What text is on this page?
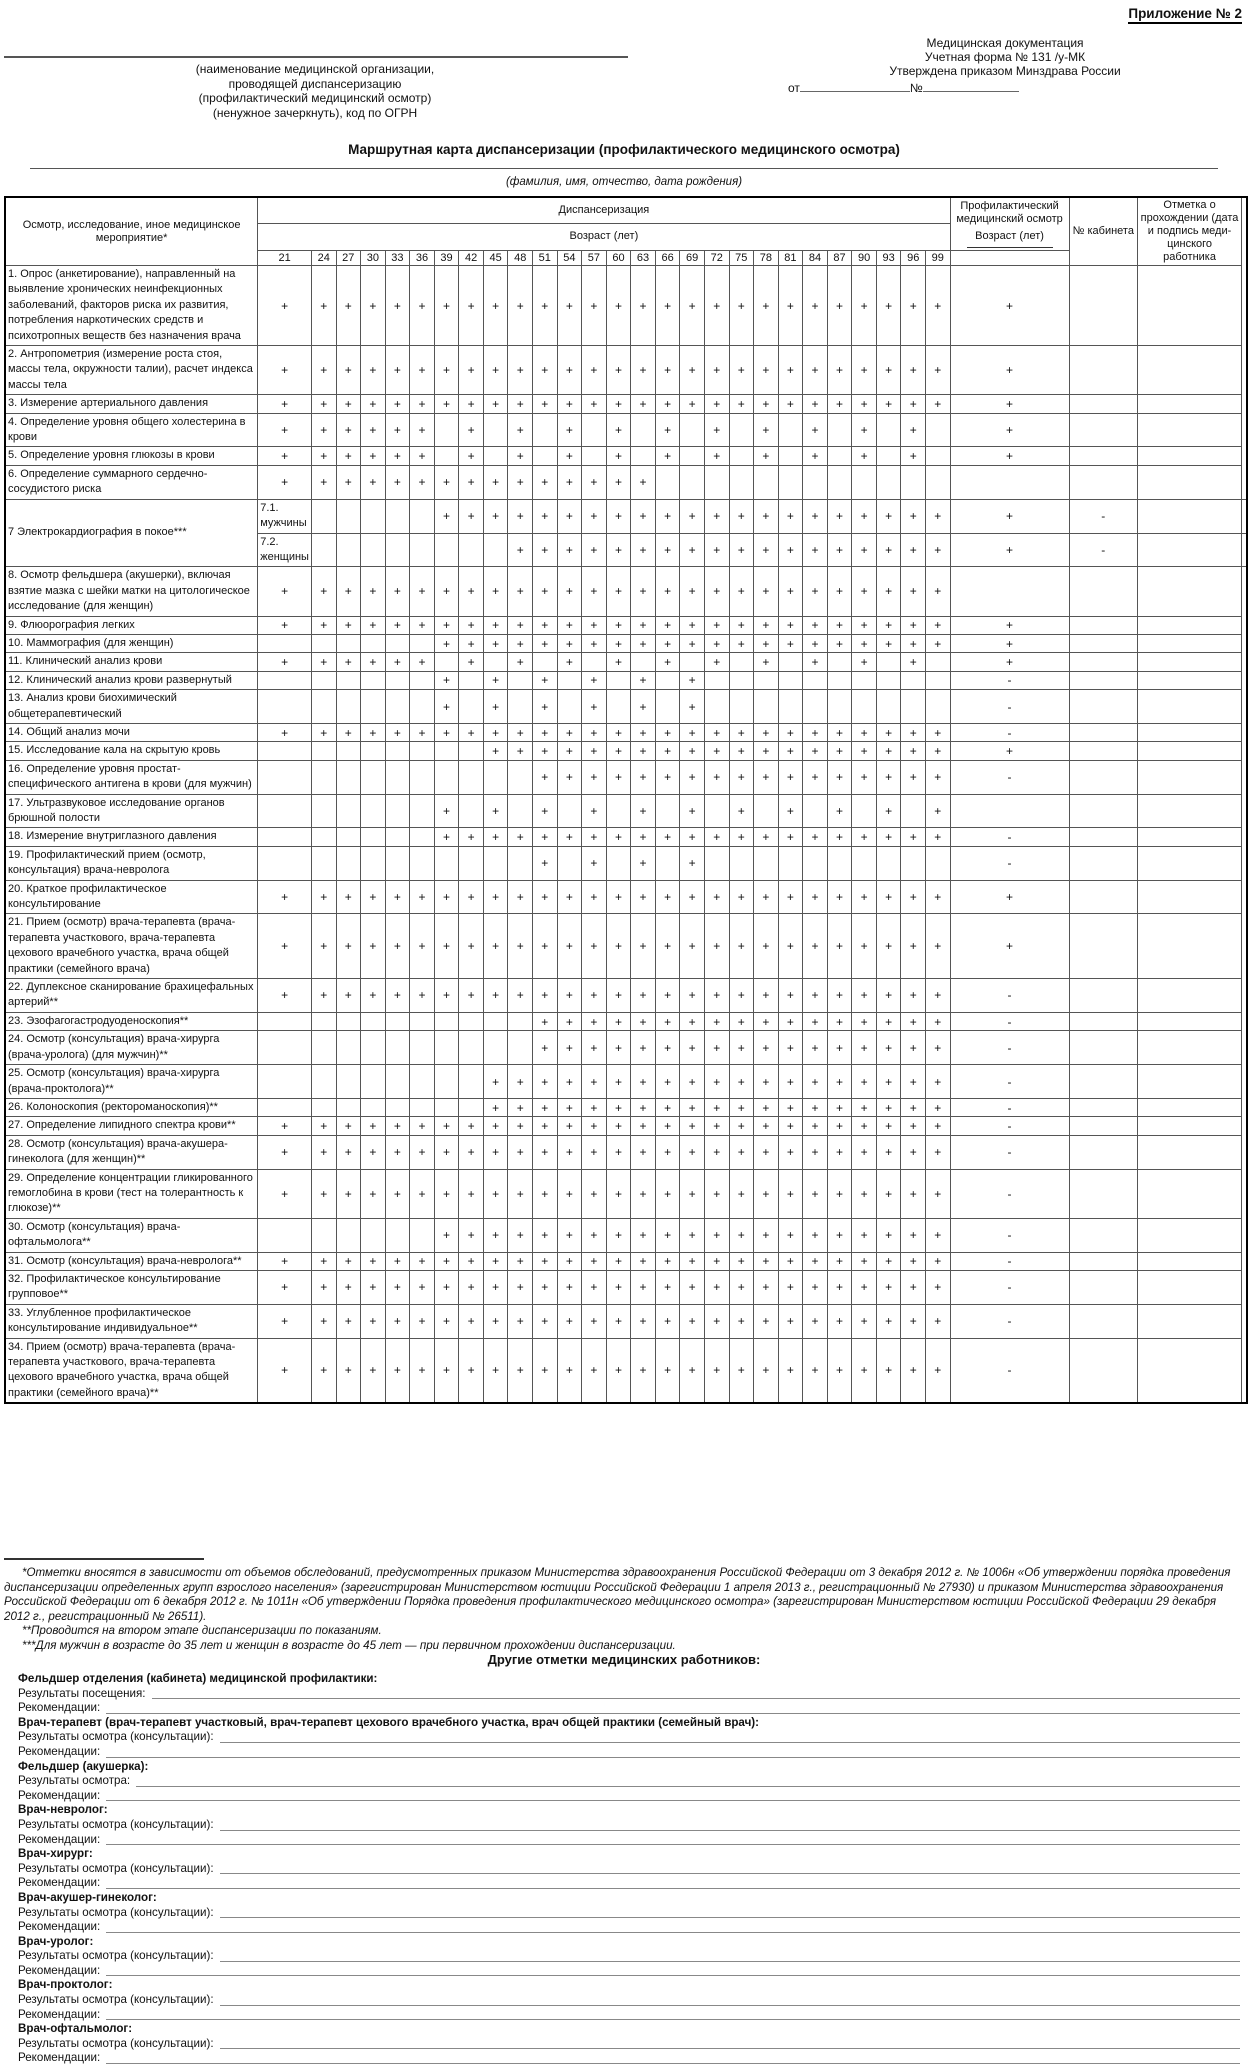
Приложение № 2
(наименование медицинской организации,
проводящей диспансеризацию
(профилактический медицинский осмотр)
(ненужное зачеркнуть), код по ОГРН
Медицинская документация
Учетная форма № 131 /у-МК
Утверждена приказом Минздрава России
от	№
Маршрутная карта диспансеризации (профилактического медицинского осмотра)
(фамилия, имя, отчество, дата рождения)
Осмотр, исследование, иное медицинское мероприятие*	Диспансеризация																											Профилактический медицинский осмотр
Возраст (лет)	№ кабинета	Отметка о прохождении (дата и подпись медицинского работника	
	Возраст (лет)																														
	21	24	27	30	33	36	39	42	45	48	51	54	57	60	63	66	69	72	75	78	81	84	87	90	93	96	99				
1. Опрос (анкетирование), направленный на выявление хронических неинфекционных заболеваний, факторов риска их развития, потребления наркотических средств и психотропных веществ без назначения врача	+	+	+	+	+	+	+	+	+	+	+	+	+	+	+	+	+	+	+	+	+	+	+	+	+	+	+	+			
2. Антропометрия (измерение роста стоя, массы тела, окружности талии), расчет индекса массы тела	+	+	+	+	+	+	+	+	+	+	+	+	+	+	+	+	+	+	+	+	+	+	+	+	+	+	+	+			
3. Измерение артериального давления	+	+	+	+	+	+	+	+	+	+	+	+	+	+	+	+	+	+	+	+	+	+	+	+	+	+	+	+			
4. Определение уровня общего холестерина в крови	+	+	+	+	+	+		+		+		+		+		+		+		+		+		+		+		+			
5. Определение уровня глюкозы в крови	+	+	+	+	+	+		+		+		+		+		+		+		+		+		+		+		+			
6. Определение суммарного сердечно-сосудистого риска	+	+	+	+	+	+	+	+	+	+	+	+	+	+	+																

7 Электрокардиография в покое***	7.1. мужчины						+	+	+	+	+	+	+	+	+	+	+	+	+	+	+	+	+	+	+	+	+	+	-		
	7.2. женщины									+	+	+	+	+	+	+	+	+	+	+	+	+	+	+	+	+	+	+	-		
8. Осмотр фельдшера (акушерки), включая взятие мазка с шейки матки на цитологическое исследование (для женщин)	+	+	+	+	+	+	+	+	+	+	+	+	+	+	+	+	+	+	+	+	+	+	+	+	+	+	+				
9. Флюорография легких	+	+	+	+	+	+	+	+	+	+	+	+	+	+	+	+	+	+	+	+	+	+	+	+	+	+	+	+			
10. Маммография (для женщин)							+	+	+	+	+	+	+	+	+	+	+	+	+	+	+	+	+	+	+	+	+	+			
11. Клинический анализ крови	+	+	+	+	+	+		+		+		+		+		+		+		+		+		+		+		+			
12. Клинический анализ крови развернутый							+		+		+		+		+		+											-			
13. Анализ крови биохимический общетерапевтический							+		+		+		+		+		+											-			
14. Общий анализ мочи	+	+	+	+	+	+	+	+	+	+	+	+	+	+	+	+	+	+	+	+	+	+	+	+	+	+	+	-			
15. Исследование кала на скрытую кровь									+	+	+	+	+	+	+	+	+	+	+	+	+	+	+	+	+	+	+	+			
16. Определение уровня простат-специфического антигена в крови (для мужчин)											+	+	+	+	+	+	+	+	+	+	+	+	+	+	+	+	+	-			
17. Ультразвуковое исследование органов брюшной полости							+		+		+		+		+		+		+		+		+		+		+				
18. Измерение внутриглазного давления							+	+	+	+	+	+	+	+	+	+	+	+	+	+	+	+	+	+	+	+	+	-			
19. Профилактический прием (осмотр, консультация) врача-невролога											+		+		+		+											-			
20. Краткое профилактическое консультирование	+	+	+	+	+	+	+	+	+	+	+	+	+	+	+	+	+	+	+	+	+	+	+	+	+	+	+	+			
21. Прием (осмотр) врача-терапевта (врача-терапевта участкового, врача-терапевта цехового врачебного участка, врача общей практики (семейного врача)	+	+	+	+	+	+	+	+	+	+	+	+	+	+	+	+	+	+	+	+	+	+	+	+	+	+	+	+			
22. Дуплексное сканирование брахицефальных артерий**	+	+	+	+	+	+	+	+	+	+	+	+	+	+	+	+	+	+	+	+	+	+	+	+	+	+	+	-			
23. Эзофагогастродуоденоскопия**											+	+	+	+	+	+	+	+	+	+	+	+	+	+	+	+	+	-			
24. Осмотр (консультация) врача-хирурга (врача-уролога) (для мужчин)**											+	+	+	+	+	+	+	+	+	+	+	+	+	+	+	+	+	-			
25. Осмотр (консультация) врача-хирурга (врача-проктолога)**									+	+	+	+	+	+	+	+	+	+	+	+	+	+	+	+	+	+	+	-			
26. Колоноскопия (ректороманоскопия)**									+	+	+	+	+	+	+	+	+	+	+	+	+	+	+	+	+	+	+	-			
27. Определение липидного спектра крови**	+	+	+	+	+	+	+	+	+	+	+	+	+	+	+	+	+	+	+	+	+	+	+	+	+	+	+	-			
28. Осмотр (консультация) врача-акушера-гинеколога (для женщин)**	+	+	+	+	+	+	+	+	+	+	+	+	+	+	+	+	+	+	+	+	+	+	+	+	+	+	+	-			
29. Определение концентрации гликированного гемоглобина в крови (тест на толерантность к глюкозе)**	+	+	+	+	+	+	+	+	+	+	+	+	+	+	+	+	+	+	+	+	+	+	+	+	+	+	+	-			
30. Осмотр (консультация) врача-офтальмолога**							+	+	+	+	+	+	+	+	+	+	+	+	+	+	+	+	+	+	+	+	+	-			
31. Осмотр (консультация) врача-невролога**	+	+	+	+	+	+	+	+	+	+	+	+	+	+	+	+	+	+	+	+	+	+	+	+	+	+	+	-			
32. Профилактическое консультирование групповое**	+	+	+	+	+	+	+	+	+	+	+	+	+	+	+	+	+	+	+	+	+	+	+	+	+	+	+	-			
33. Углубленное профилактическое консультирование индивидуальное**	+	+	+	+	+	+	+	+	+	+	+	+	+	+	+	+	+	+	+	+	+	+	+	+	+	+	+	-			
34. Прием (осмотр) врача-терапевта (врача-терапевта участкового, врача-терапевта цехового врачебного участка, врача общей практики (семейного врача)**	+	+	+	+	+	+	+	+	+	+	+	+	+	+	+	+	+	+	+	+	+	+	+	+	+	+	+	-			

*Отметки вносятся в зависимости от объемов обследований, предусмотренных приказом Министерства здравоохранения Российской Федерации от 3 декабря 2012 г. № 1006н «Об утверждении порядка проведения диспансеризации определенных групп взрослого населения» (зарегистрирован Министерством юстиции Российской Федерации 1 апреля 2013 г., регистрационный № 27930) и приказом Министерства здравоохранения Российской Федерации от 6 декабря 2012 г. № 1011н «Об утверждении Порядка проведения профилактического медицинского осмотра» (зарегистрирован Министерством юстиции Российской Федерации 29 декабря 2012 г., регистрационный № 26511).

**Проводится на втором этапе диспансеризации по показаниям.

***Для мужчин в возрасте до 35 лет и женщин в возрасте до 45 лет — при первичном прохождении диспансеризации.

Другие отметки медицинских работников:
Фельдшер отделения (кабинета) медицинской профилактики:
Результаты посещения:
Рекомендации:
Врач-терапевт (врач-терапевт участковый, врач-терапевт цехового врачебного участка, врач общей практики (семейный врач):
Результаты осмотра (консультации):
Рекомендации:
Фельдшер (акушерка):
Результаты осмотра:
Рекомендации:
Врач-невролог:
Результаты осмотра (консультации):
Рекомендации:
Врач-хирург:
Результаты осмотра (консультации):
Рекомендации:
Врач-акушер-гинеколог:
Результаты осмотра (консультации):
Рекомендации:
Врач-уролог:
Результаты осмотра (консультации):
Рекомендации:
Врач-проктолог:
Результаты осмотра (консультации):
Рекомендации:
Врач-офтальмолог:
Результаты осмотра (консультации):
Рекомендации:
